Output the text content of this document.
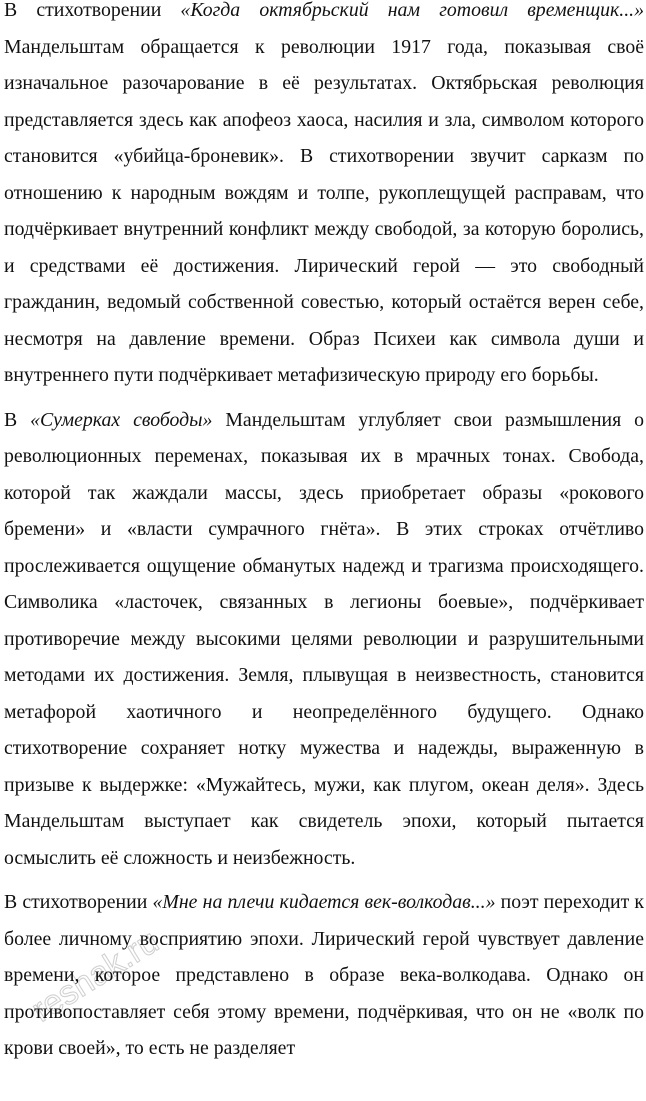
В стихотворении «Когда октябрьский нам готовил временщик...» Мандельштам обращается к революции 1917 года, показывая своё изначальное разочарование в её результатах. Октябрьская революция представляется здесь как апофеоз хаоса, насилия и зла, символом которого становится «убийца-броневик». В стихотворении звучит сарказм по отношению к народным вождям и толпе, рукоплещущей расправам, что подчёркивает внутренний конфликт между свободой, за которую боролись, и средствами её достижения. Лирический герой — это свободный гражданин, ведомый собственной совестью, который остаётся верен себе, несмотря на давление времени. Образ Психеи как символа души и внутреннего пути подчёркивает метафизическую природу его борьбы.

В «Сумерках свободы» Мандельштам углубляет свои размышления о революционных переменах, показывая их в мрачных тонах. Свобода, которой так жаждали массы, здесь приобретает образы «рокового бремени» и «власти сумрачного гнёта». В этих строках отчётливо прослеживается ощущение обманутых надежд и трагизма происходящего. Символика «ласточек, связанных в легионы боевые», подчёркивает противоречие между высокими целями революции и разрушительными методами их достижения. Земля, плывущая в неизвестность, становится метафорой хаотичного и неопределённого будущего. Однако стихотворение сохраняет нотку мужества и надежды, выраженную в призыве к выдержке: «Мужайтесь, мужи, как плугом, океан деля». Здесь Мандельштам выступает как свидетель эпохи, который пытается осмыслить её сложность и неизбежность.

В стихотворении «Мне на плечи кидается век-волкодав...» поэт переходит к более личному восприятию эпохи. Лирический герой чувствует давление времени, которое представлено в образе века-волкодава. Однако он противопоставляет себя этому времени, подчёркивая, что он не «волк по крови своей», то есть не разделяет

reshak.ru
